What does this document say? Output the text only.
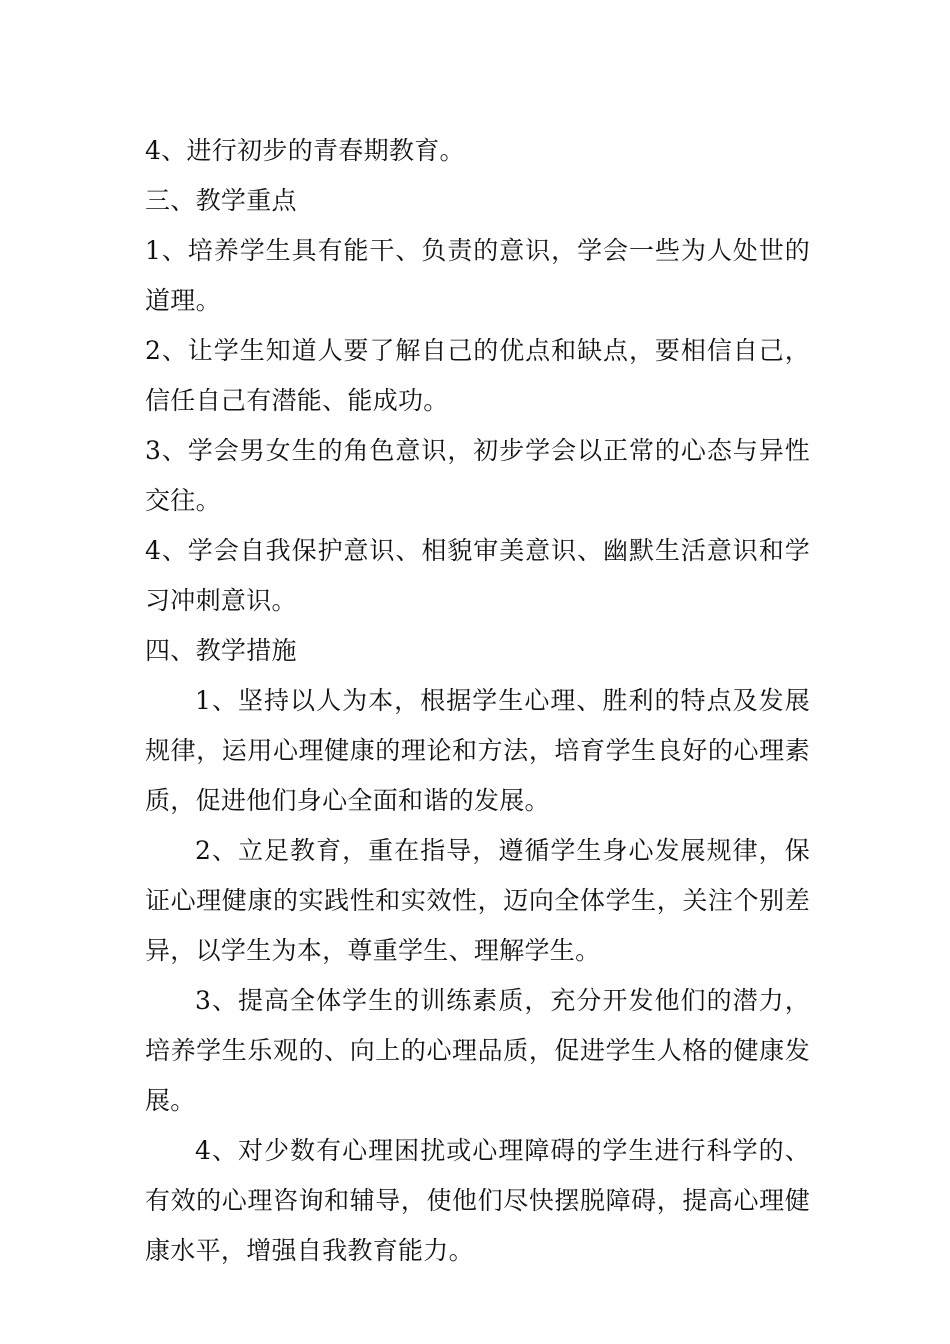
4、进行初步的青春期教育。

三、教学重点

1、培养学生具有能干、负责的意识，学会一些为人处世的道理。

2、让学生知道人要了解自己的优点和缺点，要相信自己，信任自己有潜能、能成功。

3、学会男女生的角色意识，初步学会以正常的心态与异性交往。

4、学会自我保护意识、相貌审美意识、幽默生活意识和学习冲刺意识。

四、教学措施

1、坚持以人为本，根据学生心理、胜利的特点及发展规律，运用心理健康的理论和方法，培育学生良好的心理素质，促进他们身心全面和谐的发展。

2、立足教育，重在指导，遵循学生身心发展规律，保证心理健康的实践性和实效性，迈向全体学生，关注个别差异，以学生为本，尊重学生、理解学生。

3、提高全体学生的训练素质，充分开发他们的潜力，培养学生乐观的、向上的心理品质，促进学生人格的健康发展。

4、对少数有心理困扰或心理障碍的学生进行科学的、有效的心理咨询和辅导，使他们尽快摆脱障碍，提高心理健康水平，增强自我教育能力。
